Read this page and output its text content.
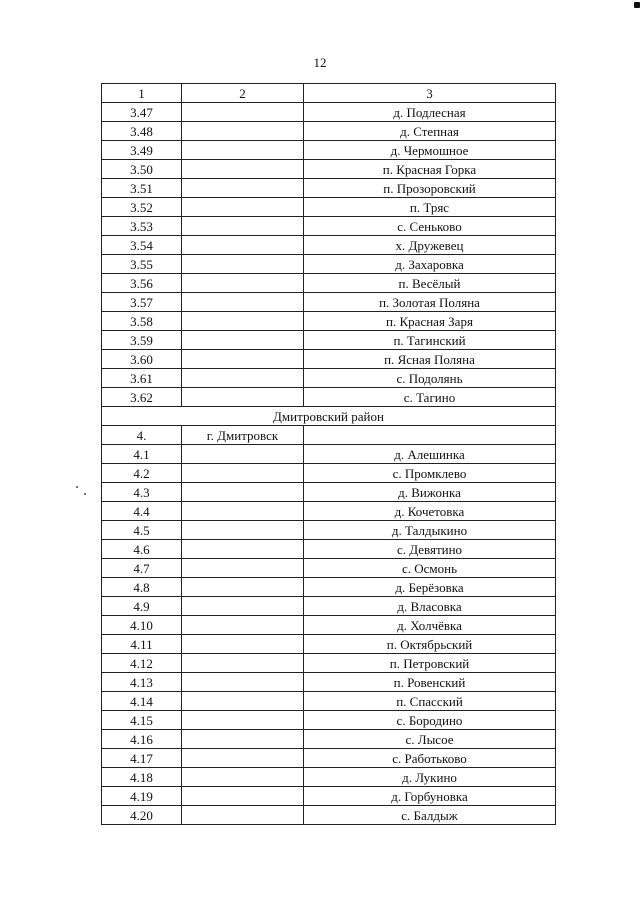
12
1	2	3
3.47		д. Подлесная
3.48		д. Степная
3.49		д. Чермошное
3.50		п. Красная Горка
3.51		п. Прозоровский
3.52		п. Тряс
3.53		с. Сеньково
3.54		х. Дружевец
3.55		д. Захаровка
3.56		п. Весёлый
3.57		п. Золотая Поляна
3.58		п. Красная Заря
3.59		п. Тагинский
3.60		п. Ясная Поляна
3.61		с. Подолянь
3.62		с. Тагино
Дмитровский район		
4.	г. Дмитровск	
4.1		д. Алешинка
4.2		с. Промклево
4.3		д. Вижонка
4.4		д. Кочетовка
4.5		д. Талдыкино
4.6		с. Девятино
4.7		с. Осмонь
4.8		д. Берёзовка
4.9		д. Власовка
4.10		д. Холчёвка
4.11		п. Октябрьский
4.12		п. Петровский
4.13		п. Ровенский
4.14		п. Спасский
4.15		с. Бородино
4.16		с. Лысое
4.17		с. Работьково
4.18		д. Лукино
4.19		д. Горбуновка
4.20		с. Балдыж
